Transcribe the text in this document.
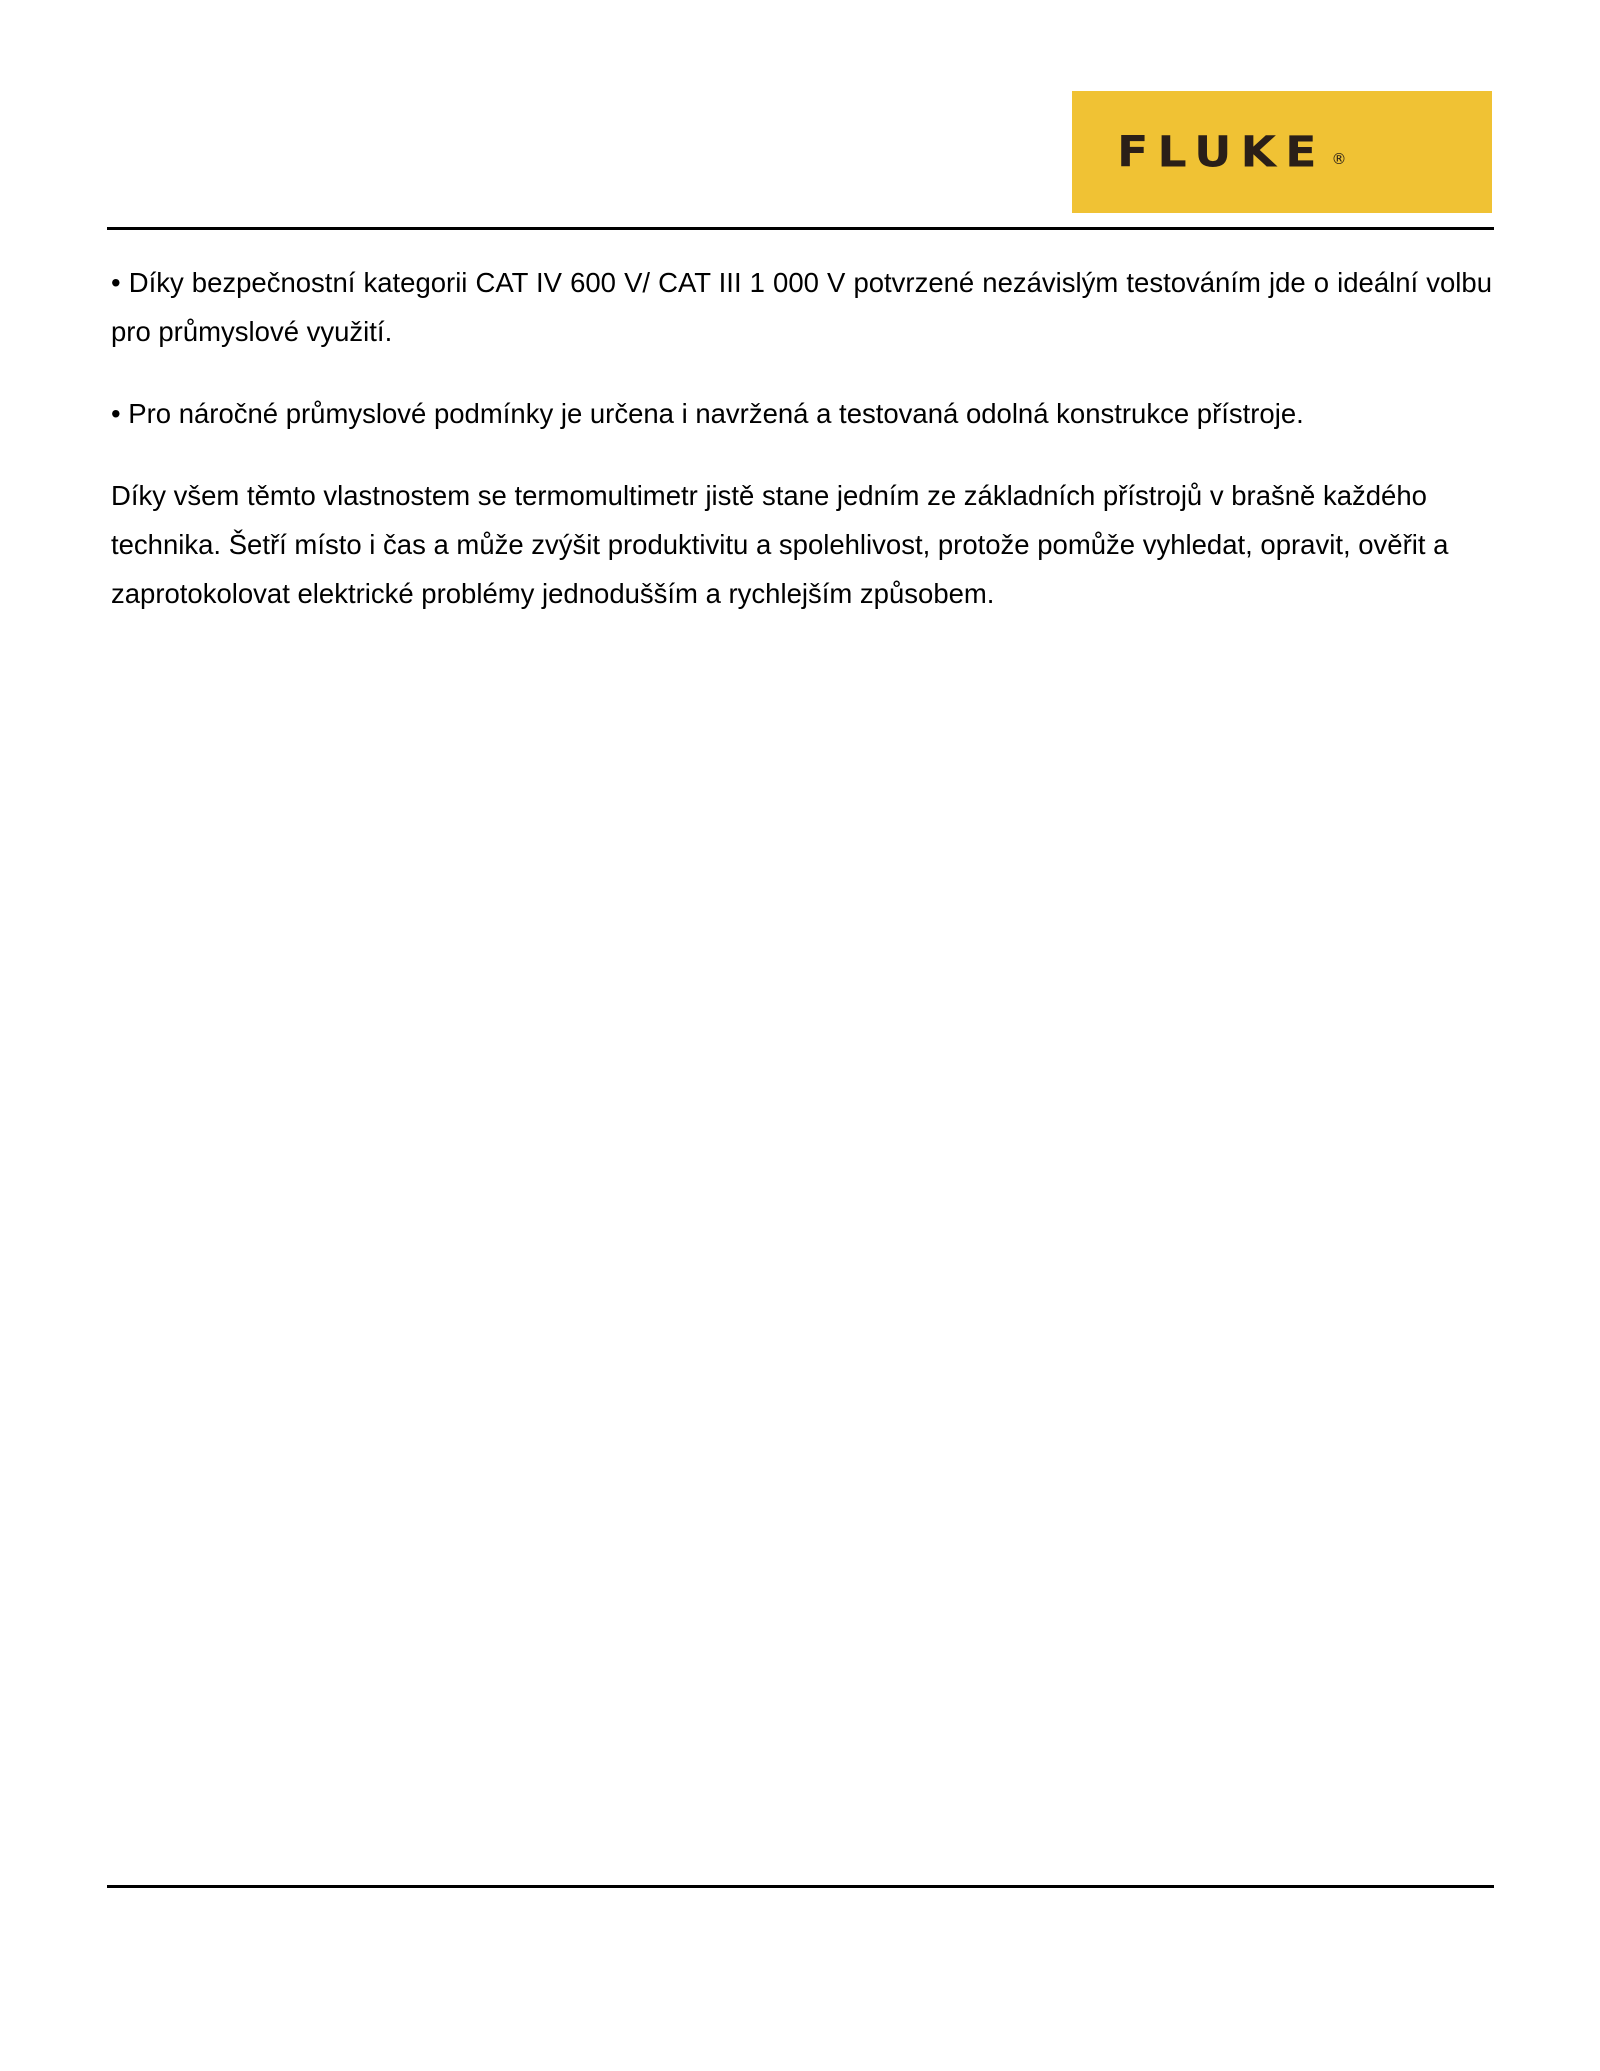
FLUKE ®

• Díky bezpečnostní kategorii CAT IV 600 V/ CAT III 1 000 V potvrzené nezávislým testováním jde o ideální volbu pro průmyslové využití.

• Pro náročné průmyslové podmínky je určena i navržená a testovaná odolná konstrukce přístroje.

Díky všem těmto vlastnostem se termomultimetr jistě stane jedním ze základních přístrojů v brašně každého technika. Šetří místo i čas a může zvýšit produktivitu a spolehlivost, protože pomůže vyhledat, opravit, ověřit a zaprotokolovat elektrické problémy jednodušším a rychlejším způsobem.
